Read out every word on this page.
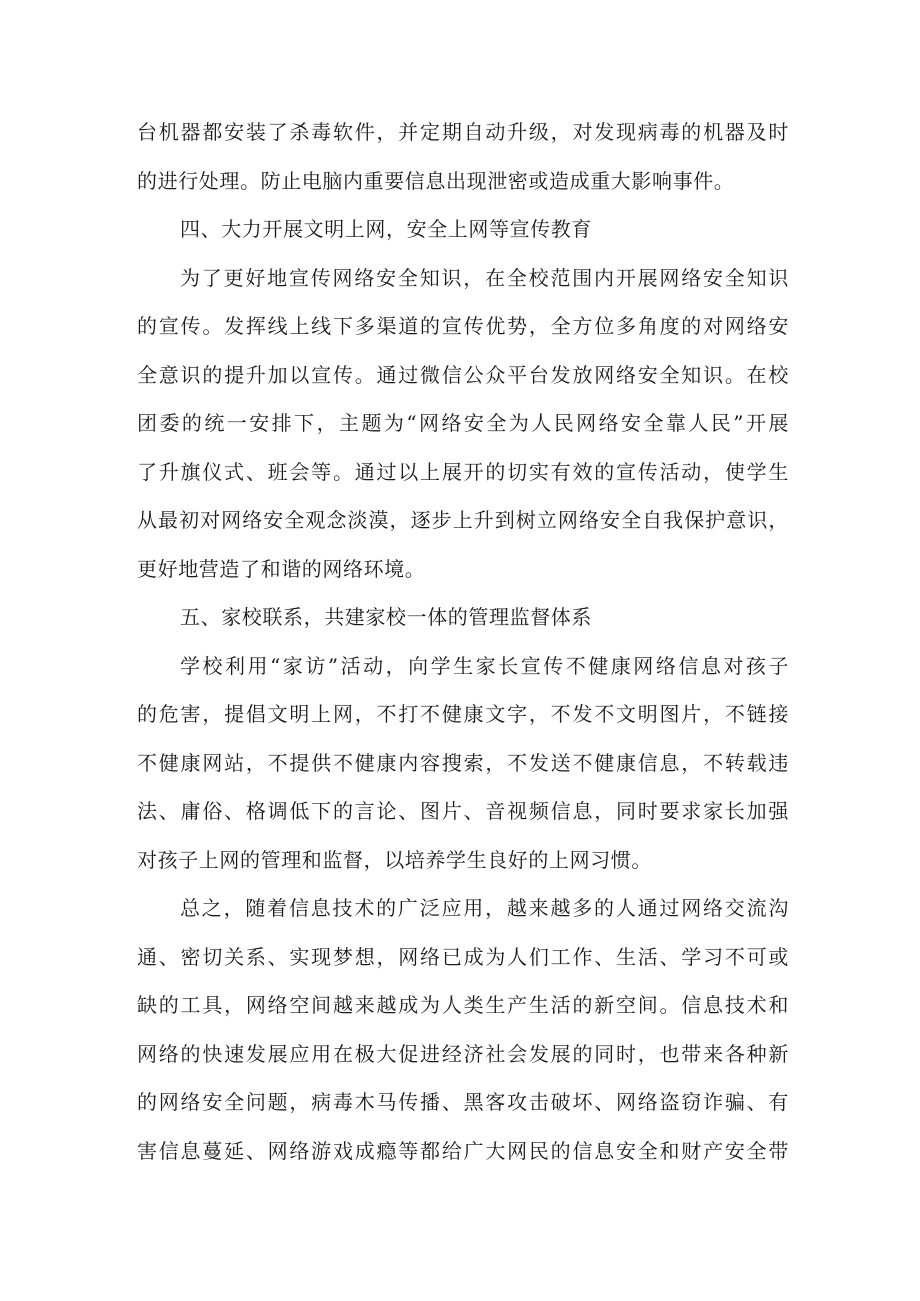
台机器都安装了杀毒软件，并定期自动升级，对发现病毒的机器及时
的进行处理。防止电脑内重要信息出现泄密或造成重大影响事件。
四、大力开展文明上网，安全上网等宣传教育
为了更好地宣传网络安全知识，在全校范围内开展网络安全知识
的宣传。发挥线上线下多渠道的宣传优势，全方位多角度的对网络安
全意识的提升加以宣传。通过微信公众平台发放网络安全知识。在校
团委的统一安排下，主题为“网络安全为人民网络安全靠人民”开展
了升旗仪式、班会等。通过以上展开的切实有效的宣传活动，使学生
从最初对网络安全观念淡漠，逐步上升到树立网络安全自我保护意识，
更好地营造了和谐的网络环境。
五、家校联系，共建家校一体的管理监督体系
学校利用“家访”活动，向学生家长宣传不健康网络信息对孩子
的危害，提倡文明上网，不打不健康文字，不发不文明图片，不链接
不健康网站，不提供不健康内容搜索，不发送不健康信息，不转载违
法、庸俗、格调低下的言论、图片、音视频信息，同时要求家长加强
对孩子上网的管理和监督，以培养学生良好的上网习惯。
总之，随着信息技术的广泛应用，越来越多的人通过网络交流沟
通、密切关系、实现梦想，网络已成为人们工作、生活、学习不可或
缺的工具，网络空间越来越成为人类生产生活的新空间。信息技术和
网络的快速发展应用在极大促进经济社会发展的同时，也带来各种新
的网络安全问题，病毒木马传播、黑客攻击破坏、网络盗窃诈骗、有
害信息蔓延、网络游戏成瘾等都给广大网民的信息安全和财产安全带
